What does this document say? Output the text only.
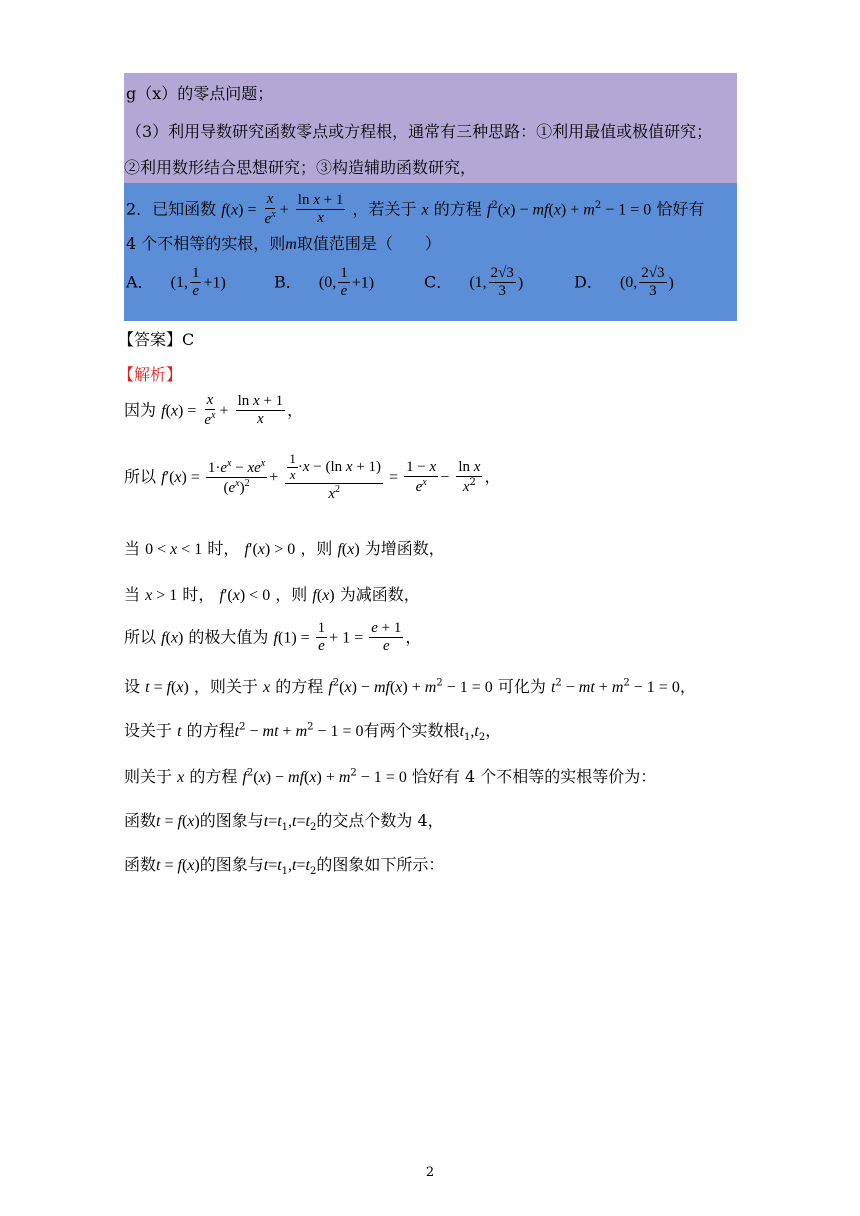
g（x）的零点问题；
（3）利用导数研究函数零点或方程根，通常有三种思路：①利用最值或极值研究；
②利用数形结合思想研究；③构造辅助函数研究，
2．已知函数 $f(x) = \frac{x}{e^x} + \frac{\text{ln x + 1}}{x}$ ，若关于 x 的方程 $f^2(x) - mf(x) + m^2 - 1 = 0$ 恰好有
4 个不相等的实根，则m取值范围是（　　）
A． (1, $\frac{1}{e} +1$)	B． (0, $\frac{1}{e} +1$)	C． (1, $\frac{2√3}{3}$ )	D． (0, $\frac{2√3}{3}$ )
【答案】C
【解析】
因为 $f(x) = \frac{x}{e^x} + \frac{\text{ln x + 1}}{x}$ ，
所以 $f'(x) = \frac{1\cdot e^x - xe^x}{(e^x)^2} + \frac{\frac{1}{x} \cdot x - (\ln x + 1)}{x^2} = \frac{1 - x}{e^x} - \frac{\text{ln x}}{x^2}$ ，
当 0 < x < 1 时， f′(x) > 0 ，则 f(x) 为增函数，
当 x > 1 时， f′(x) < 0 ，则 f(x) 为减函数，
所以 f(x) 的极大值为 $f(1) = \frac{1}{e} + 1 = \frac{e + 1}{e}$ ，
设 t = f(x) ，则关于 x 的方程 $f^2(x) - mf(x) + m^2 - 1 = 0$ 可化为 $t^2$ − mt + $m^2 - 1 = 0$，
设关于 t 的方程$t^2$ − mt + $m^2 - 1 = 0$有两个实数根$t_1,t_2$，
则关于 x 的方程 $f^2(x) - mf(x) + m^2 - 1 = 0$ 恰好有 4 个不相等的实根等价为：
函数t = f(x)的图象与$t=t_1,t=t_2$的交点个数为 4，
函数t = f(x)的图象与$t=t_1,t=t_2$的图象如下所示：
2
